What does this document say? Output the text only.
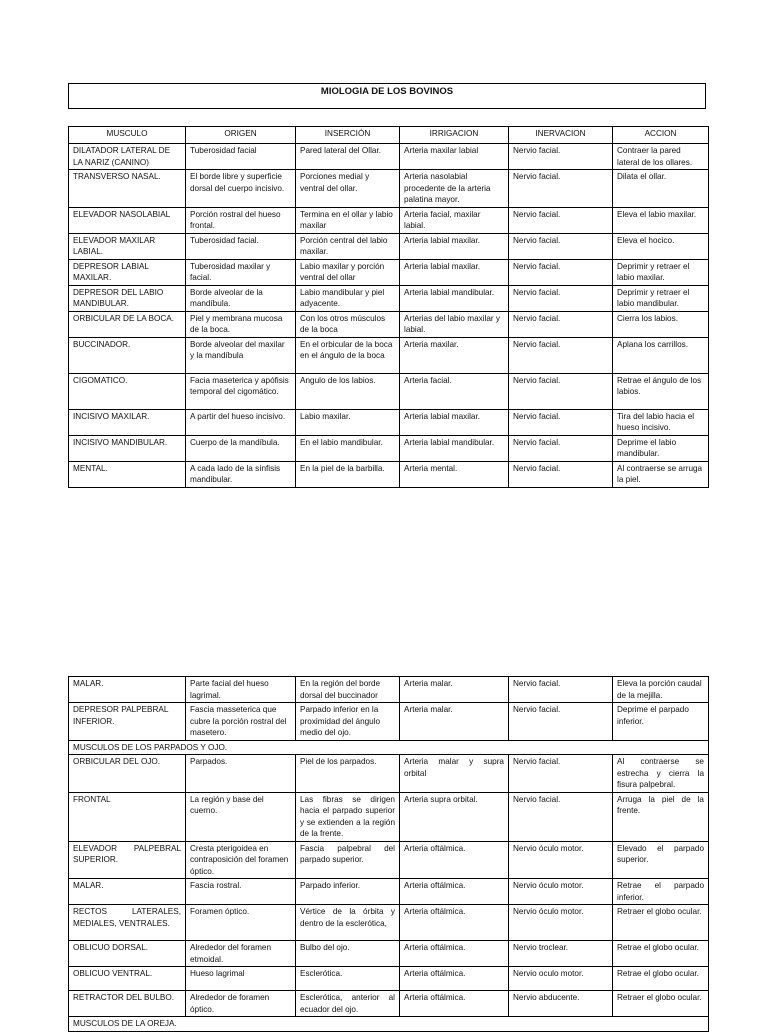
MIOLOGIA DE LOS BOVINOS
MUSCULO	ORIGEN	INSERCIÓN	IRRIGACION	INERVACION	ACCION
DILATADOR LATERAL DE LA NARIZ (CANINO)	Tuberosidad facial	Pared lateral del Ollar.	Arteria maxilar labial	Nervio facial.	Contraer la pared lateral de los ollares.
TRANSVERSO NASAL.	El borde libre y superficie dorsal del cuerpo incisivo.	Porciones medial y ventral del ollar.	Arteria nasolabial procedente de la arteria palatina mayor.	Nervio facial.	Dilata el ollar.
ELEVADOR NASOLABIAL	Porción rostral del hueso frontal.	Termina en el ollar y labio maxilar	Arteria facial, maxilar labial.	Nervio facial.	Eleva el labio maxilar.
ELEVADOR MAXILAR LABIAL.	Tuberosidad facial.	Porción central del labio maxilar.	Arteria labial maxilar.	Nervio facial.	Eleva el hocico.
DEPRESOR LABIAL MAXILAR.	Tuberosidad maxilar y facial.	Labio maxilar y porción ventral del ollar	Arteria labial maxilar.	Nervio facial.	Deprimir y retraer el labio maxilar.
DEPRESOR DEL LABIO MANDIBULAR.	Borde alveolar de la mandíbula.	Labio mandibular y piel adyacente.	Arteria labial mandibular.	Nervio facial.	Deprimir y retraer el labio mandibular.
ORBICULAR DE LA BOCA.	Piel y membrana mucosa de la boca.	Con los otros músculos de la boca	Arterias del labio maxilar y labial.	Nervio facial.	Cierra los labios.
BUCCINADOR.	Borde alveolar del maxilar y la mandíbula	En el orbicular de la boca en el ángulo de la boca	Arteria maxilar.	Nervio facial.	Aplana los carrillos.
CIGOMATICO.	Facia maseterica y apófisis temporal del cigomático.	Angulo de los labios.	Arteria facial.	Nervio facial.	Retrae el ángulo de los labios.
INCISIVO MAXILAR.	A partir del hueso incisivo.	Labio maxilar.	Arteria labial maxilar.	Nervio facial.	Tira del labio hacia el hueso incisivo.
INCISIVO MANDIBULAR.	Cuerpo de la mandíbula.	En el labio mandibular.	Arteria labial mandibular.	Nervio facial.	Deprime el labio mandibular.
MENTAL.	A cada lado de la sínfisis mandibular.	En la piel de la barbilla.	Arteria mental.	Nervio facial.	Al contraerse se arruga la piel.
MALAR.	Parte facial del hueso lagrimal.	En la región del borde dorsal del buccinador	Arteria malar.	Nervio facial.	Eleva la porción caudal de la mejilla.
DEPRESOR PALPEBRAL INFERIOR.	Fascia masseterica que cubre la porción rostral del masetero.	Parpado inferior en la proximidad del ángulo medio del ojo.	Arteria malar.	Nervio facial.	Deprime el parpado inferior.
MUSCULOS DE LOS PARPADOS Y OJO.					
ORBICULAR DEL OJO.	Parpados.	Piel de los parpados.	Arteria malar y supra orbital	Nervio facial.	Al contraerse se estrecha y cierra la fisura palpebral.
FRONTAL	La región y base del cuerno.	Las fibras se dirigen hacia el parpado superior y se extienden a la región de la frente.	Arteria supra orbital.	Nervio facial.	Arruga la piel de la frente.
ELEVADOR PALPEBRAL SUPERIOR.	Cresta pterigoidea en contraposición del foramen óptico.	Fascia palpebral del parpado superior.	Arteria oftálmica.	Nervio óculo motor.	Elevado el parpado superior.
MALAR.	Fascia rostral.	Parpado inferior.	Arteria oftálmica.	Nervio óculo motor.	Retrae el parpado inferior.
RECTOS LATERALES, MEDIALES, VENTRALES.	Foramen óptico.	Vértice de la órbita y dentro de la esclerótica,	Arteria oftálmica.	Nervio óculo motor.	Retraer el globo ocular.
OBLICUO DORSAL.	Alrededor del foramen etmoidal.	Bulbo del ojo.	Arteria oftálmica.	Nervio troclear.	Retrae el globo ocular.
OBLICUO VENTRAL.	Hueso lagrimal	Esclerótica.	Arteria oftálmica.	Nervio oculo motor.	Retrae el globo ocular.
RETRACTOR DEL BULBO.	Alrededor de foramen óptico.	Esclerótica, anterior al ecuador del ojo.	Arteria oftálmica.	Nervio abducente.	Retraer el globo ocular.
MUSCULOS DE LA OREJA.					
